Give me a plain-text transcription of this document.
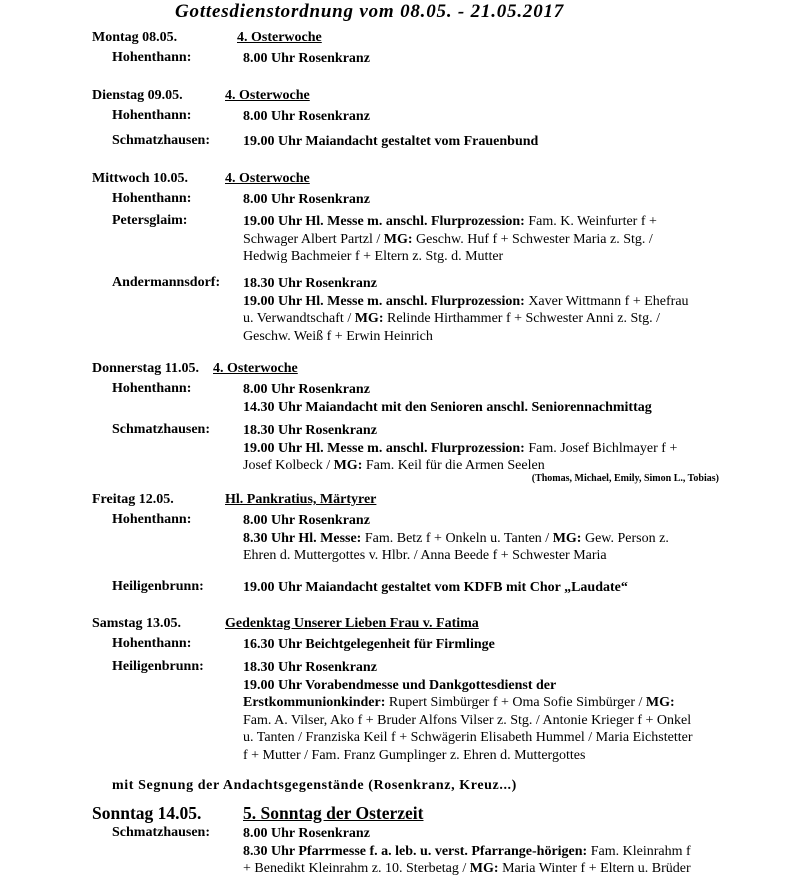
Gottesdienstordnung vom 08.05. - 21.05.2017
Montag 08.05.	4. Osterwoche
Hohenthann:	8.00 Uhr Rosenkranz
Dienstag 09.05.	4. Osterwoche
Hohenthann:	8.00 Uhr Rosenkranz
Schmatzhausen: 19.00 Uhr Maiandacht gestaltet vom Frauenbund
Mittwoch 10.05.	4. Osterwoche
Hohenthann:	8.00 Uhr Rosenkranz
Petersglaim:	19.00 Uhr Hl. Messe m. anschl. Flurprozession: Fam. K. Weinfurter f +
Schwager Albert Partzl / MG: Geschw. Huf f + Schwester Maria z. Stg. /
Hedwig Bachmeier f + Eltern z. Stg. d. Mutter
Andermannsdorf: 18.30 Uhr Rosenkranz
19.00 Uhr Hl. Messe m. anschl. Flurprozession: Xaver Wittmann f + Ehefrau
u. Verwandtschaft / MG: Relinde Hirthammer f + Schwester Anni z. Stg. /
Geschw. Weiß f + Erwin Heinrich
Donnerstag 11.05. 4. Osterwoche
Hohenthann:	8.00 Uhr Rosenkranz
14.30 Uhr Maiandacht mit den Senioren anschl. Seniorennachmittag
Schmatzhausen: 18.30 Uhr Rosenkranz
19.00 Uhr Hl. Messe m. anschl. Flurprozession: Fam. Josef Bichlmayer f +
Josef Kolbeck / MG: Fam. Keil für die Armen Seelen
(Thomas, Michael, Emily, Simon L., Tobias)
Freitag 12.05.	Hl. Pankratius, Märtyrer
Hohenthann:	8.00 Uhr Rosenkranz
8.30 Uhr Hl. Messe: Fam. Betz f + Onkeln u. Tanten / MG: Gew. Person z.
Ehren d. Muttergottes v. Hlbr. / Anna Beede f + Schwester Maria
Heiligenbrunn:	19.00 Uhr Maiandacht gestaltet vom KDFB mit Chor „Laudate“
Samstag 13.05.	Gedenktag Unserer Lieben Frau v. Fatima
Hohenthann:	16.30 Uhr Beichtgelegenheit für Firmlinge
Heiligenbrunn:	18.30 Uhr Rosenkranz
19.00 Uhr Vorabendmesse und Dankgottesdienst der
Erstkommunionkinder: Rupert Simbürger f + Oma Sofie Simbürger / MG:
Fam. A. Vilser, Ako f + Bruder Alfons Vilser z. Stg. / Antonie Krieger f + Onkel
u. Tanten / Franziska Keil f + Schwägerin Elisabeth Hummel / Maria Eichstetter
f + Mutter / Fam. Franz Gumplinger z. Ehren d. Muttergottes
mit Segnung der Andachtsgegenstände (Rosenkranz, Kreuz...)
Sonntag 14.05. 5. Sonntag der Osterzeit
Schmatzhausen: 8.00 Uhr Rosenkranz
8.30 Uhr Pfarrmesse f. a. leb. u. verst. Pfarrange-hörigen: Fam. Kleinrahm f
+ Benedikt Kleinrahm z. 10. Sterbetag / MG: Maria Winter f + Eltern u. Brüder
